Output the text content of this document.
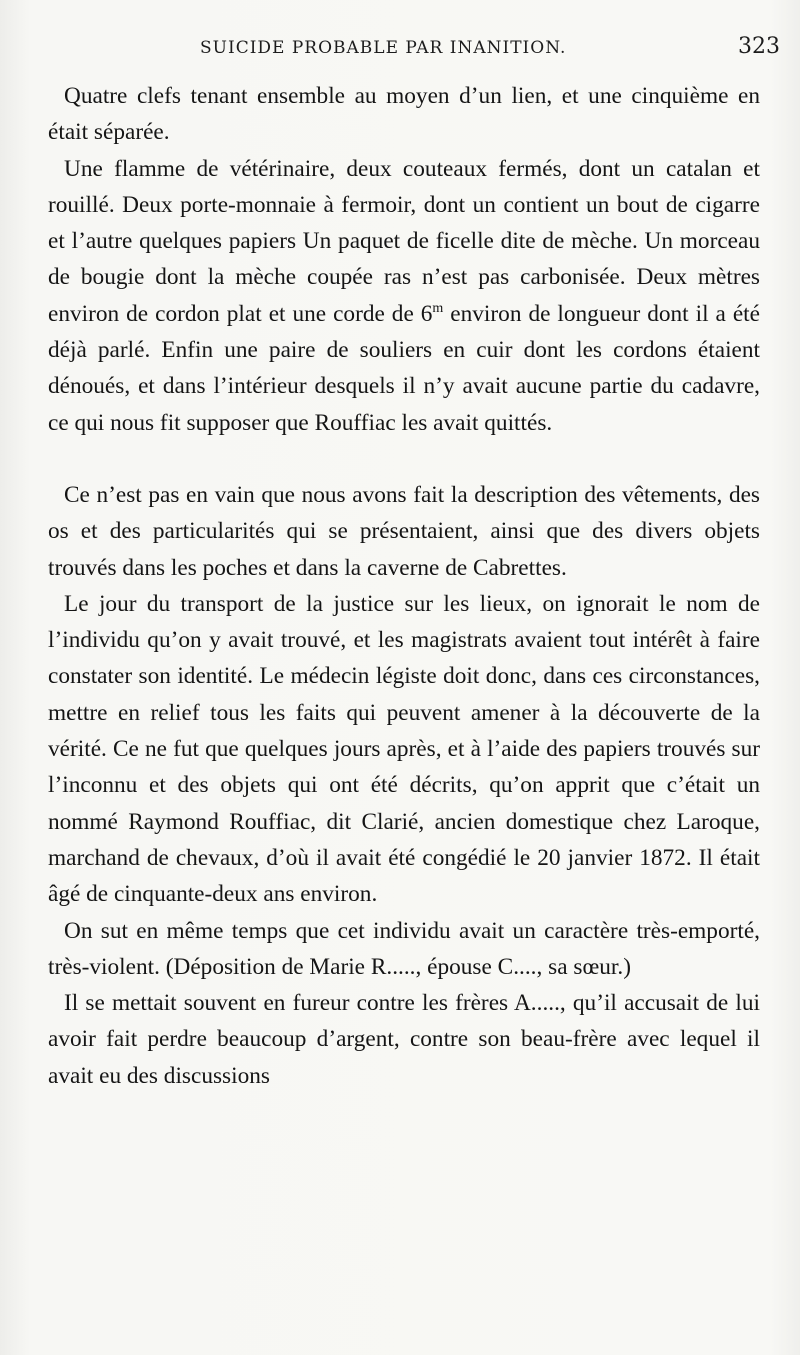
SUICIDE PROBABLE PAR INANITION.	323

Quatre clefs tenant ensemble au moyen d’un lien, et une cinquième en était séparée.

Une flamme de vétérinaire, deux couteaux fermés, dont un catalan et rouillé. Deux porte-monnaie à fermoir, dont un contient un bout de cigarre et l’autre quelques papiers Un paquet de ficelle dite de mèche. Un morceau de bougie dont la mèche coupée ras n’est pas carbonisée. Deux mètres environ de cordon plat et une corde de 6$^m$ environ de longueur dont il a été déjà parlé. Enfin une paire de souliers en cuir dont les cordons étaient dénoués, et dans l’intérieur desquels il n’y avait aucune partie du cadavre, ce qui nous fit supposer que Rouffiac les avait quittés.

Ce n’est pas en vain que nous avons fait la description des vêtements, des os et des particularités qui se présentaient, ainsi que des divers objets trouvés dans les poches et dans la caverne de Cabrettes.

Le jour du transport de la justice sur les lieux, on ignorait le nom de l’individu qu’on y avait trouvé, et les magistrats avaient tout intérêt à faire constater son identité. Le médecin légiste doit donc, dans ces circonstances, mettre en relief tous les faits qui peuvent amener à la découverte de la vérité. Ce ne fut que quelques jours après, et à l’aide des papiers trouvés sur l’inconnu et des objets qui ont été décrits, qu’on apprit que c’était un nommé Raymond Rouffiac, dit Clarié, ancien domestique chez Laroque, marchand de chevaux, d’où il avait été congédié le 20 janvier 1872. Il était âgé de cinquante-deux ans environ.

On sut en même temps que cet individu avait un caractère très-emporté, très-violent. (Déposition de Marie R....., épouse C...., sa sœur.)

Il se mettait souvent en fureur contre les frères A....., qu’il accusait de lui avoir fait perdre beaucoup d’argent, contre son beau-frère avec lequel il avait eu des discussions
